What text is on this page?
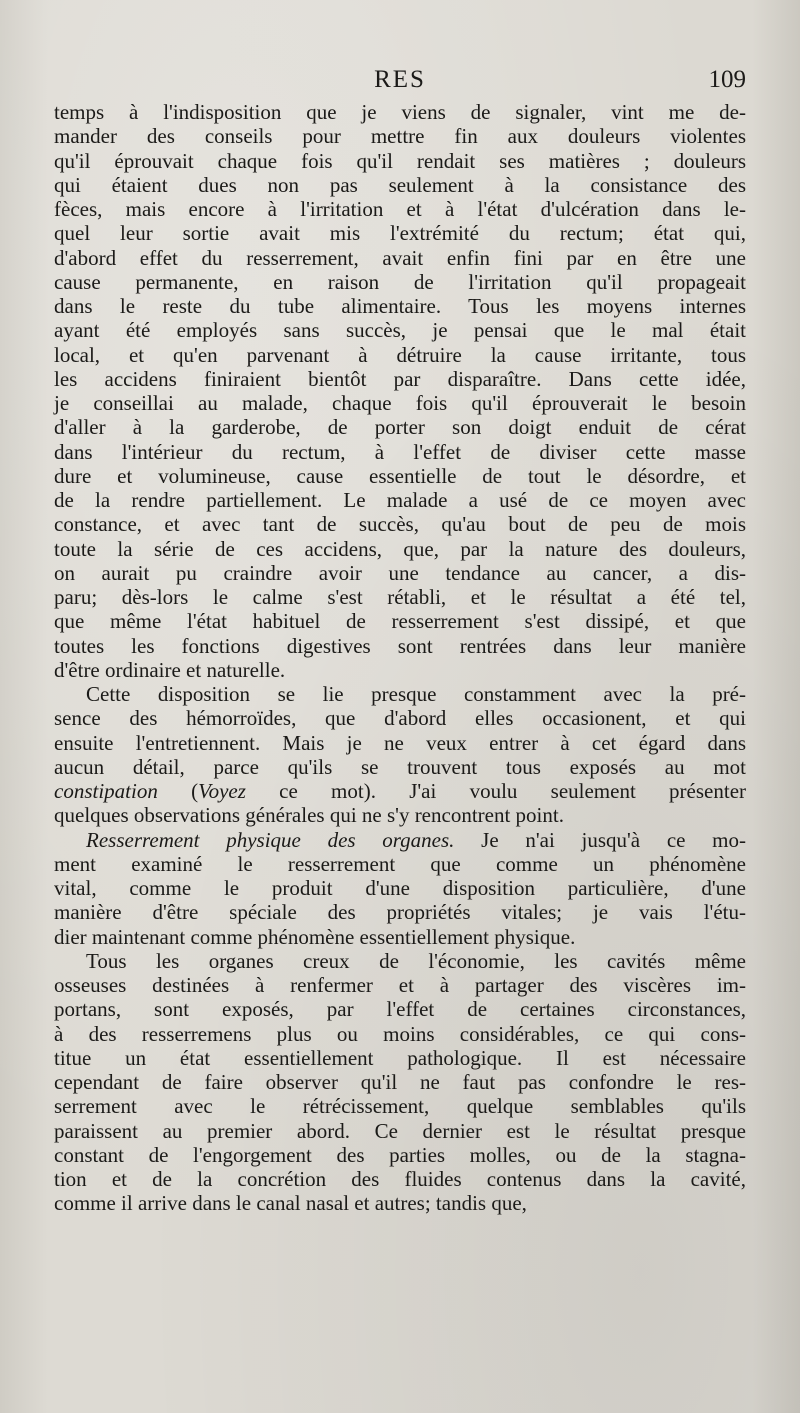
RES	109
temps à l'indisposition que je viens de signaler, vint me de-
mander des conseils pour mettre fin aux douleurs violentes
qu'il éprouvait chaque fois qu'il rendait ses matières ; douleurs
qui étaient dues non pas seulement à la consistance des
fèces, mais encore à l'irritation et à l'état d'ulcération dans le-
quel leur sortie avait mis l'extrémité du rectum; état qui,
d'abord effet du resserrement, avait enfin fini par en être une
cause permanente, en raison de l'irritation qu'il propageait
dans le reste du tube alimentaire. Tous les moyens internes
ayant été employés sans succès, je pensai que le mal était
local, et qu'en parvenant à détruire la cause irritante, tous
les accidens finiraient bientôt par disparaître. Dans cette idée,
je conseillai au malade, chaque fois qu'il éprouverait le besoin
d'aller à la garderobe, de porter son doigt enduit de cérat
dans l'intérieur du rectum, à l'effet de diviser cette masse
dure et volumineuse, cause essentielle de tout le désordre, et
de la rendre partiellement. Le malade a usé de ce moyen avec
constance, et avec tant de succès, qu'au bout de peu de mois
toute la série de ces accidens, que, par la nature des douleurs,
on aurait pu craindre avoir une tendance au cancer, a dis-
paru; dès-lors le calme s'est rétabli, et le résultat a été tel,
que même l'état habituel de resserrement s'est dissipé, et que
toutes les fonctions digestives sont rentrées dans leur manière
d'être ordinaire et naturelle.
Cette disposition se lie presque constamment avec la pré-
sence des hémorroïdes, que d'abord elles occasionent, et qui
ensuite l'entretiennent. Mais je ne veux entrer à cet égard dans
aucun détail, parce qu'ils se trouvent tous exposés au mot
constipation (Voyez ce mot). J'ai voulu seulement présenter
quelques observations générales qui ne s'y rencontrent point.
Resserrement physique des organes. Je n'ai jusqu'à ce mo-
ment examiné le resserrement que comme un phénomène
vital, comme le produit d'une disposition particulière, d'une
manière d'être spéciale des propriétés vitales; je vais l'étu-
dier maintenant comme phénomène essentiellement physique.
Tous les organes creux de l'économie, les cavités même
osseuses destinées à renfermer et à partager des viscères im-
portans, sont exposés, par l'effet de certaines circonstances,
à des resserremens plus ou moins considérables, ce qui cons-
titue un état essentiellement pathologique. Il est nécessaire
cependant de faire observer qu'il ne faut pas confondre le res-
serrement avec le rétrécissement, quelque semblables qu'ils
paraissent au premier abord. Ce dernier est le résultat presque
constant de l'engorgement des parties molles, ou de la stagna-
tion et de la concrétion des fluides contenus dans la cavité,
comme il arrive dans le canal nasal et autres; tandis que,
